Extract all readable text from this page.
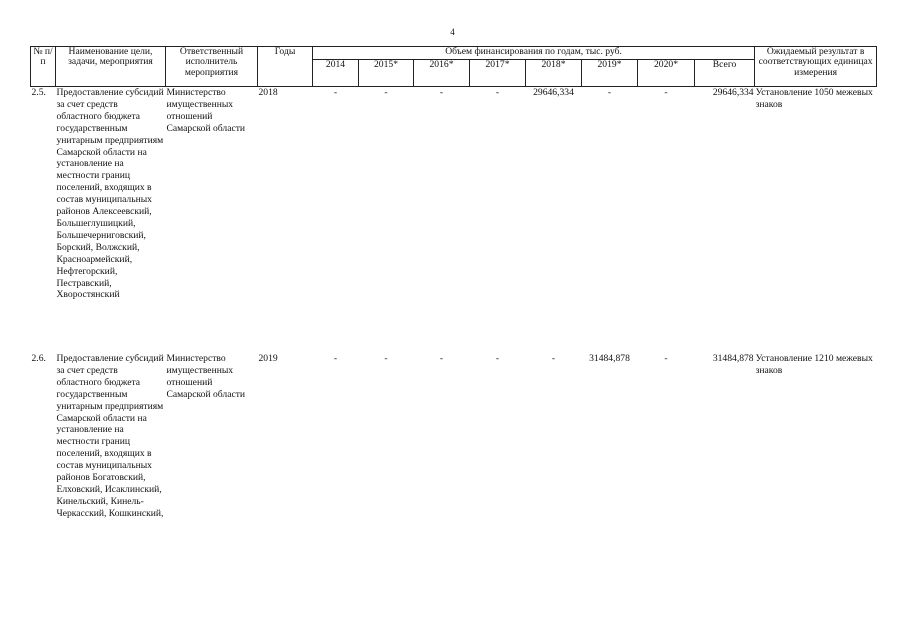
4
№ п/п	Наименование цели, задачи, мероприятия	Ответственный исполнитель мероприятия	Годы	Объем финансирования по годам, тыс. руб.								Ожидаемый результат в соответствующих единицах измерения
				2014	2015*	2016*	2017*	2018*	2019*	2020*	Всего	
2.5.	Предоставление субсидий за счет средств областного бюджета государственным унитарным предприятиям Самарской области на установление на местности границ поселений, входящих в состав муниципальных районов Алексеевский, Большеглушицкий, Большечерниговский, Борский, Волжский, Красноармейский, Нефтегорский, Пестравский, Хворостянский	Министерство имущественных отношений Самарской области	2018	-	-	-	-	29646,334	-	-	29646,334	Установление 1050 межевых знаков
2.6.	Предоставление субсидий за счет средств областного бюджета государственным унитарным предприятиям Самарской области на установление на местности границ поселений, входящих в состав муниципальных районов Богатовский, Елховский, Исаклинский, Кинельский, Кинель-Черкасский, Кошкинский,	Министерство имущественных отношений Самарской области	2019	-	-	-	-	-	31484,878	-	31484,878	Установление 1210 межевых знаков
